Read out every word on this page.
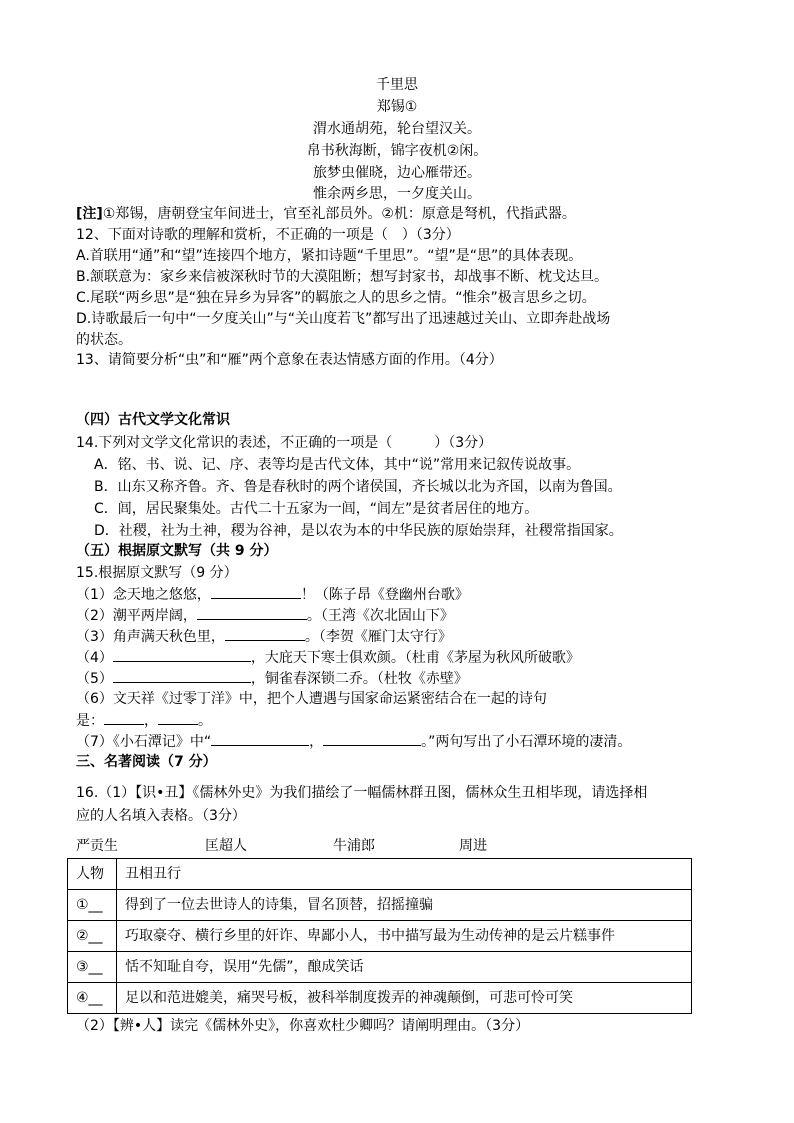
千里思
郑锡①
渭水通胡苑，轮台望汉关。
帛书秋海断，锦字夜机②闲。
旅梦虫催晓，边心雁带还。
惟余两乡思，一夕度关山。
[注]①郑锡，唐朝登宝年间进士，官至礼部员外。②机：原意是弩机，代指武器。
12、下面对诗歌的理解和赏析，不正确的一项是（　）（3分）
A.首联用“通”和“望”连接四个地方，紧扣诗题“千里思”。“望”是“思”的具体表现。
B.颔联意为：家乡来信被深秋时节的大漠阻断；想写封家书，却战事不断、枕戈达旦。
C.尾联“两乡思”是“独在异乡为异客”的羁旅之人的思乡之情。“惟余”极言思乡之切。
D.诗歌最后一句中“一夕度关山”与“关山度若飞”都写出了迅速越过关山、立即奔赴战场
的状态。
13、请简要分析“虫”和“雁”两个意象在表达情感方面的作用。（4分）
（四）古代文学文化常识
14.下列对文学文化常识的表述，不正确的一项是（　　　）（3分）
A．铭、书、说、记、序、表等均是古代文体，其中“说”常用来记叙传说故事。
B．山东又称齐鲁。齐、鲁是春秋时的两个诸侯国，齐长城以北为齐国，以南为鲁国。
C．闾，居民聚集处。古代二十五家为一闾，“闾左”是贫者居住的地方。
D．社稷，社为土神，稷为谷神，是以农为本的中华民族的原始崇拜，社稷常指国家。
（五）根据原文默写（共 9 分）
15.根据原文默写（9 分）
（1）念天地之悠悠，	！（陈子昂《登幽州台歌》
（2）潮平两岸阔，	。（王湾《次北固山下》
（3）角声满天秋色里，	。（李贺《雁门太守行》
（4）	，大庇天下寒士俱欢颜。（杜甫《茅屋为秋风所破歌》
（5）	，铜雀春深锁二乔。（杜牧《赤壁》
（6）文天祥《过零丁洋》中，把个人遭遇与国家命运紧密结合在一起的诗句
是：	，	。
（7）《小石潭记》中“	，	。”两句写出了小石潭环境的凄清。
三、名著阅读（7 分）
16.（1）【识•丑】《儒林外史》为我们描绘了一幅儒林群丑图，儒林众生丑相毕现，请选择相
应的人名填入表格。（3分）
严贡生	匡超人	牛浦郎	周进
人物	丑相丑行
①__	得到了一位去世诗人的诗集，冒名顶替，招摇撞骗
②__	巧取豪夺、横行乡里的奸诈、卑鄙小人，书中描写最为生动传神的是云片糕事件
③__	恬不知耻自夸，误用“先儒”，酿成笑话
④__	足以和范进媲美，痛哭号板，被科举制度拨弄的神魂颠倒，可悲可怜可笑
（2）【辨•人】读完《儒林外史》，你喜欢杜少卿吗？请阐明理由。（3分）
